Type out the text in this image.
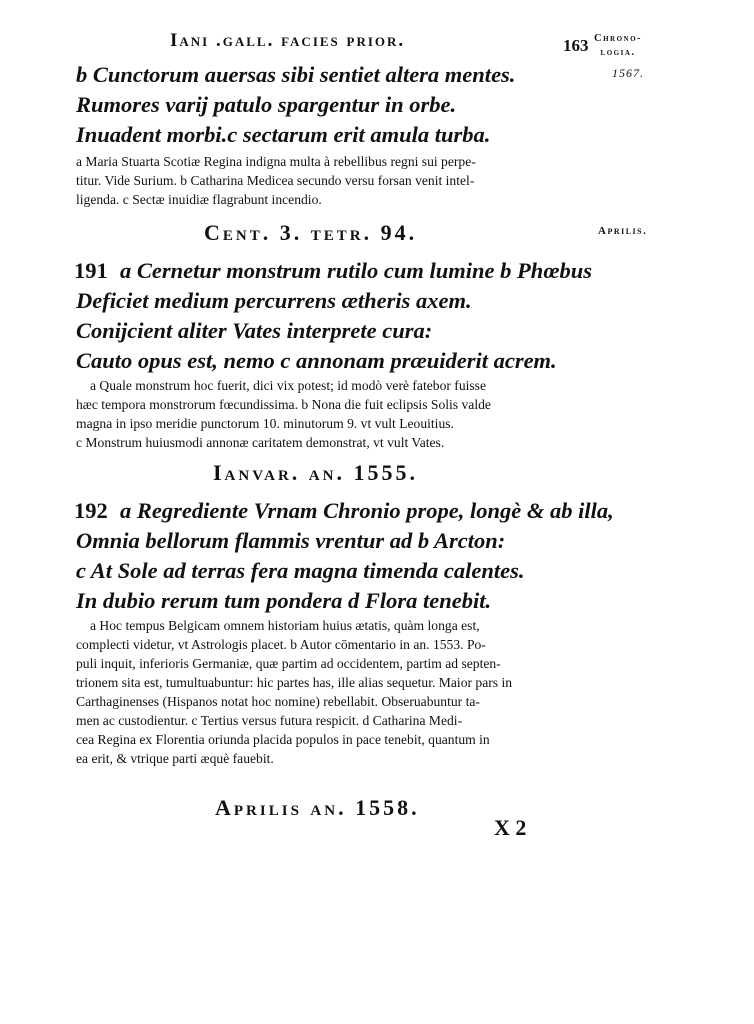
Iani .gall. facies prior.	163 Chrono-
logia.
1567.
Aprilis.
b Cunctorum auersas sibi sentiet altera mentes.
Rumores varij patulo spargentur in orbe.
Inuadent morbi.c sectarum erit amula turba.
a Maria Stuarta Scotiæ Regina indigna multa à rebellibus regni sui perpe-
titur. Vide Surium. b Catharina Medicea secundo versu forsan venit intel-
ligenda. c Sectæ inuidiæ flagrabunt incendio.
Cent. 3. tetr. 94.
191 a Cernetur monstrum rutilo cum lumine b Phœbus
Deficiet medium percurrens ætheris axem.
Conijcient aliter Vates interprete cura:
Cauto opus est, nemo c annonam præuiderit acrem.
a Quale monstrum hoc fuerit, dici vix potest; id modò verè fatebor fuisse
hæc tempora monstrorum fœcundissima. b Nona die fuit eclipsis Solis valde
magna in ipso meridie punctorum 10. minutorum 9. vt vult Leouitius.
c Monstrum huiusmodi annonæ caritatem demonstrat, vt vult Vates.
Ianvar. an. 1555.
192 a Regrediente Vrnam Chronio prope, longè & ab illa,
Omnia bellorum flammis vrentur ad b Arcton:
c At Sole ad terras fera magna timenda calentes.
In dubio rerum tum pondera d Flora tenebit.
a Hoc tempus Belgicam omnem historiam huius ætatis, quàm longa est,
complecti videtur, vt Astrologis placet. b Autor cōmentario in an. 1553. Po-
puli inquit, inferioris Germaniæ, quæ partim ad occidentem, partim ad septen-
trionem sita est, tumultuabuntur: hic partes has, ille alias sequetur. Maior pars in
Carthaginenses (Hispanos notat hoc nomine) rebellabit. Obseruabuntur ta-
men ac custodientur. c Tertius versus futura respicit. d Catharina Medi-
cea Regina ex Florentia oriunda placida populos in pace tenebit, quantum in
ea erit, & vtrique parti æquè fauebit.
Aprilis an. 1558.
X 2
